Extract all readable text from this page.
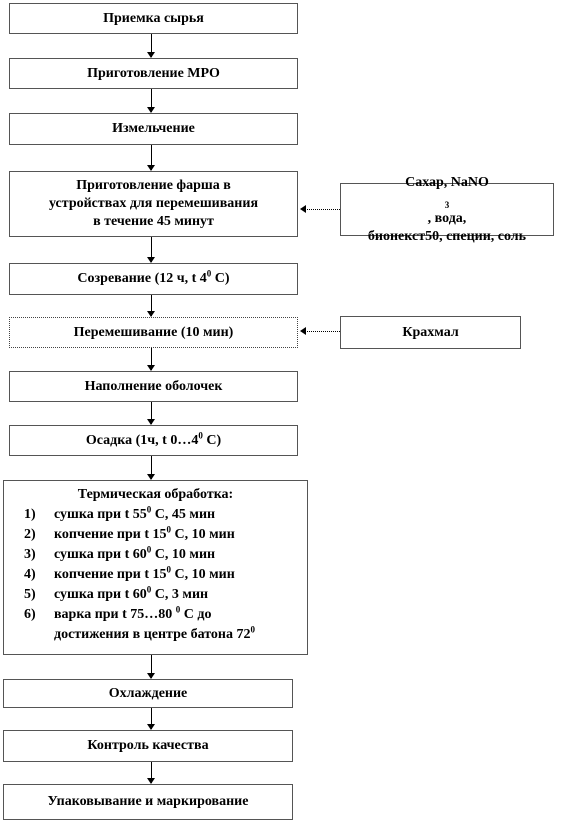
Приемка сырья
Приготовление МРО
Измельчение
Приготовление фарша в
устройствах для перемешивания
в течение 45 минут
Сахар, NaNO
$_3$
, вода,
бионекст50, специи, соль
Созревание (12 ч, t $4^0$ С)
Перемешивание (10 мин)	Крахмал
Наполнение оболочек
Осадка (1ч, t $0\dots 4^0$ С)
Термическая обработка:
1) сушка при t $55^0$ С, 45 мин
2) копчение при t $15^0$ С, 10 мин
3) сушка при t $60^0$ С, 10 мин
4) копчение при t $15^0$ С, 10 мин
5) сушка при t $60^0$ С, 3 мин
6) варка при t 75…80 $^0$ С до
достижения в центре батона $72^0$
Охлаждение
Контроль качества
Упаковывание и маркирование
